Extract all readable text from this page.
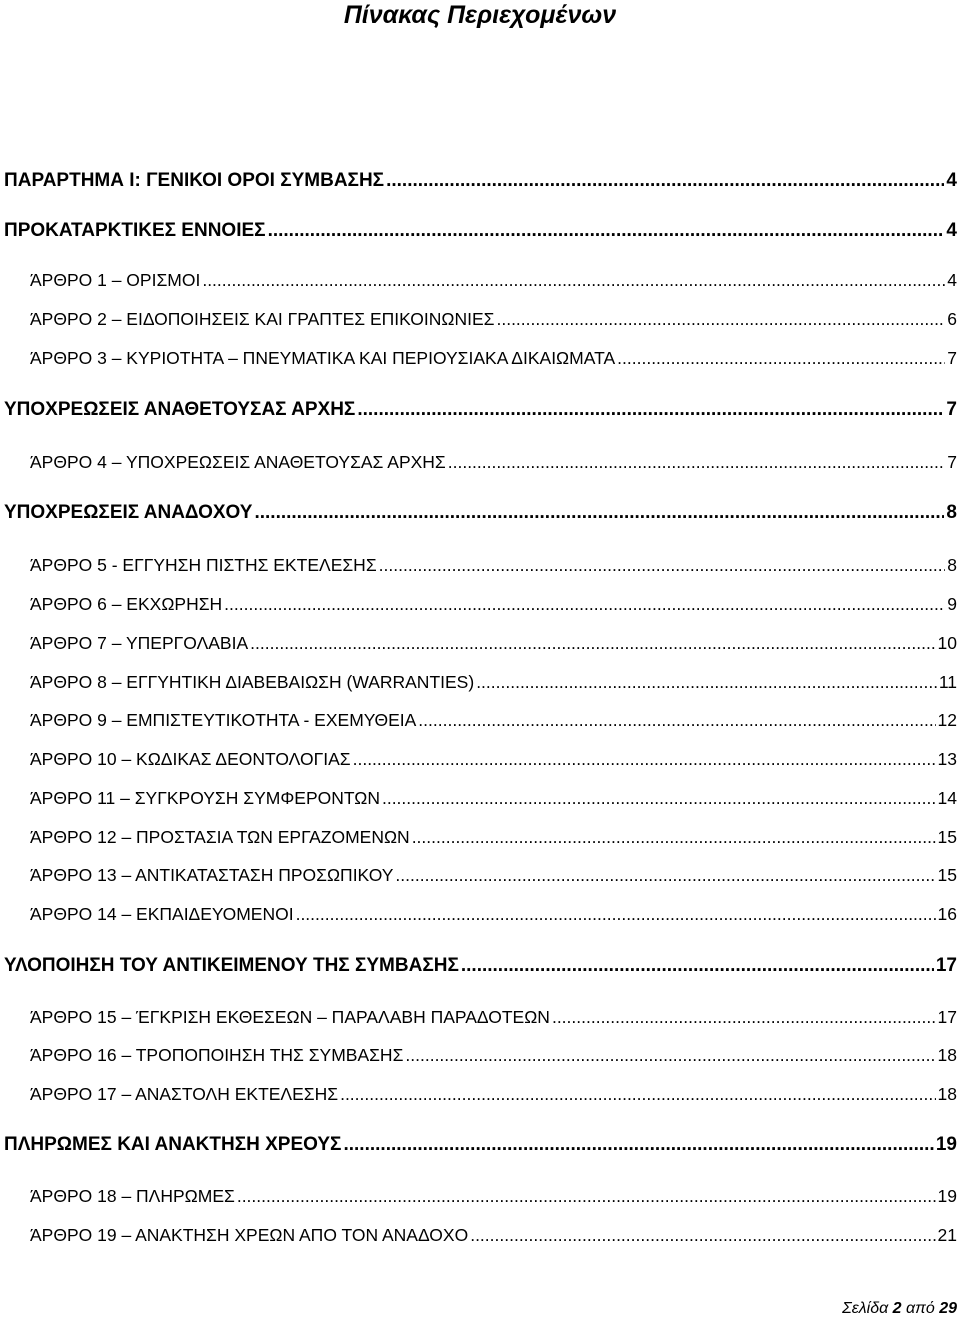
Πίνακας Περιεχομένων
ΠΑΡΑΡΤΗΜΑ Ι: ΓΕΝΙΚΟΙ ΟΡΟΙ ΣΥΜΒΑΣΗΣ .....	4
ΠΡΟΚΑΤΑΡΚΤΙΚΕΣ ΕΝΝΟΙΕΣ .....	4
ΆΡΘΡΟ 1 – ΟΡΙΣΜΟΙ .....	4
ΆΡΘΡΟ 2 – ΕΙΔΟΠΟΙΗΣΕΙΣ ΚΑΙ ΓΡΑΠΤΕΣ ΕΠΙΚΟΙΝΩΝΙΕΣ .....	6
ΆΡΘΡΟ 3 – ΚΥΡΙΟΤΗΤΑ – ΠΝΕΥΜΑΤΙΚΑ ΚΑΙ ΠΕΡΙΟΥΣΙΑΚΑ ΔΙΚΑΙΩΜΑΤΑ .....	7
ΥΠΟΧΡΕΩΣΕΙΣ ΑΝΑΘΕΤΟΥΣΑΣ ΑΡΧΗΣ .....	7
ΆΡΘΡΟ 4 – ΥΠΟΧΡΕΩΣΕΙΣ ΑΝΑΘΕΤΟΥΣΑΣ ΑΡΧΗΣ .....	7
ΥΠΟΧΡΕΩΣΕΙΣ ΑΝΑΔΟΧΟΥ .....	8
ΆΡΘΡΟ 5 - ΕΓΓΥΗΣΗ ΠΙΣΤΗΣ ΕΚΤΕΛΕΣΗΣ .....	8
ΆΡΘΡΟ 6 – ΕΚΧΩΡΗΣΗ .....	9
ΆΡΘΡΟ 7 – ΥΠΕΡΓΟΛΑΒΙΑ .....	10
ΆΡΘΡΟ 8 – ΕΓΓΥΗΤΙΚΗ ΔΙΑΒΕΒΑΙΩΣΗ (WARRANTIES) .....	11
ΆΡΘΡΟ 9 – ΕΜΠΙΣΤΕΥΤΙΚΟΤΗΤΑ - ΕΧΕΜΥΘΕΙΑ .....	12
ΆΡΘΡΟ 10 – ΚΩΔΙΚΑΣ ΔΕΟΝΤΟΛΟΓΙΑΣ .....	13
ΆΡΘΡΟ 11 – ΣΥΓΚΡΟΥΣΗ ΣΥΜΦΕΡΟΝΤΩΝ .....	14
ΆΡΘΡΟ 12 – ΠΡΟΣΤΑΣΙΑ ΤΩΝ ΕΡΓΑΖΟΜΕΝΩΝ .....	15
ΆΡΘΡΟ 13 – ΑΝΤΙΚΑΤΑΣΤΑΣΗ ΠΡΟΣΩΠΙΚΟΥ .....	15
ΆΡΘΡΟ 14 – ΕΚΠΑΙΔΕΥΟΜΕΝΟΙ .....	16
ΥΛΟΠΟΙΗΣΗ ΤΟΥ ΑΝΤΙΚΕΙΜΕΝΟΥ ΤΗΣ ΣΥΜΒΑΣΗΣ .....	17
ΆΡΘΡΟ 15 – ΈΓΚΡΙΣΗ ΕΚΘΕΣΕΩΝ – ΠΑΡΑΛΑΒΗ ΠΑΡΑΔΟΤΕΩΝ .....	17
ΆΡΘΡΟ 16 – ΤΡΟΠΟΠΟΙΗΣΗ ΤΗΣ ΣΥΜΒΑΣΗΣ .....	18
ΆΡΘΡΟ 17 – ΑΝΑΣΤΟΛΗ ΕΚΤΕΛΕΣΗΣ .....	18
ΠΛΗΡΩΜΕΣ ΚΑΙ ΑΝΑΚΤΗΣΗ ΧΡΕΟΥΣ .....	19
ΆΡΘΡΟ 18 – ΠΛΗΡΩΜΕΣ .....	19
ΆΡΘΡΟ 19 – ΑΝΑΚΤΗΣΗ ΧΡΕΩΝ ΑΠΟ ΤΟΝ ΑΝΑΔΟΧΟ .....	21
Σελίδα 2 από 29
